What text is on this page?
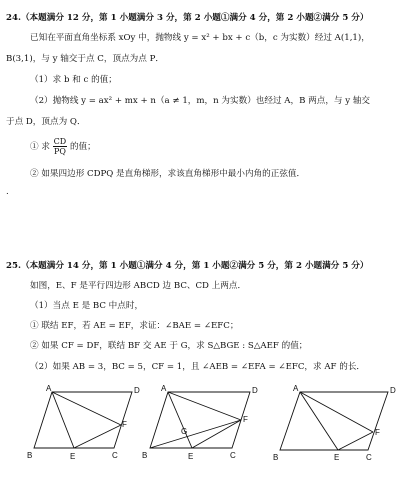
24.（本题满分 12 分，第 1 小题满分 3 分，第 2 小题①满分 4 分，第 2 小题②满分 5 分）
已知在平面直角坐标系 xOy 中，抛物线 y = x² + bx + c（b，c 为实数）经过 A(1,1)，
B(3,1)，与 y 轴交于点 C，顶点为点 P．
（1）求 b 和 c 的值；
（2）抛物线 y = ax² + mx + n（a ≠ 1，m，n 为实数）也经过 A，B 两点，与 y 轴交
于点 D，顶点为 Q．
① 求 $\frac{CD}{PQ}$ 的值；
② 如果四边形 CDPQ 是直角梯形，求该直角梯形中最小内角的正弦值．
.
25.（本题满分 14 分，第 1 小题①满分 4 分，第 1 小题②满分 5 分，第 2 小题满分 5 分）
如图，E、F 是平行四边形 ABCD 边 BC、CD 上两点．
（1）当点 E 是 BC 中点时，
① 联结 EF，若 AE = EF，求证：∠BAE = ∠EFC；
② 如果 CF = DF，联结 BF 交 AE 于 G，求 S△BGE : S△AEF 的值；
（2）如果 AB = 3，BC = 5，CF = 1，且 ∠AEB = ∠EFA = ∠EFC，求 AF 的长．
A	D
F
B	E	C
A	D
F
G
B	E	C
A	D
F
B	E	C
